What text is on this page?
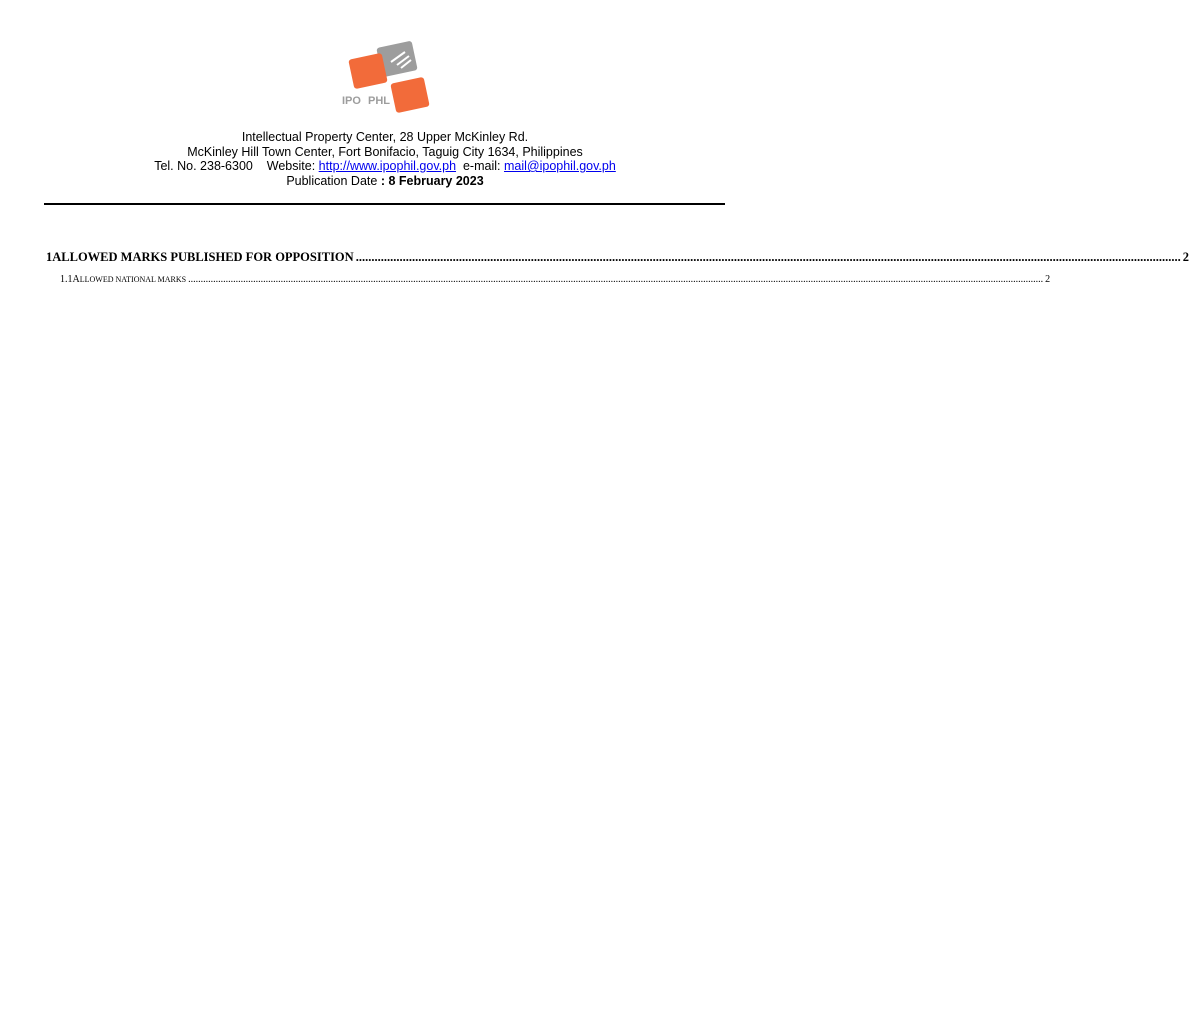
IPO PHL
Intellectual Property Center, 28 Upper McKinley Rd.
McKinley Hill Town Center, Fort Bonifacio, Taguig City 1634, Philippines
Tel. No. 238-6300 Website: http://www.ipophil.gov.ph e-mail: mail@ipophil.gov.ph
Publication Date : 8 February 2023
1 ALLOWED MARKS PUBLISHED FOR OPPOSITION ........................................................................................................................................................................................................................................................................ 2
1.1 ALLOWED NATIONAL MARKS ...................................................................................................................................................................................................................................................................................................................................................... 2
